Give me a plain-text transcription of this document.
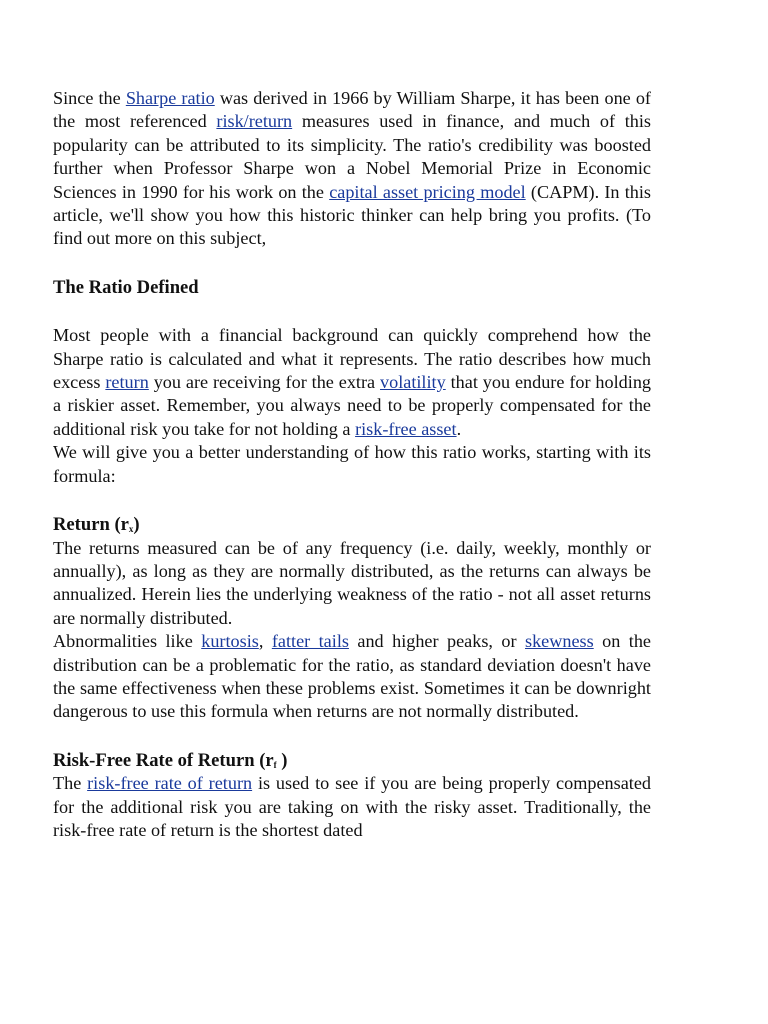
Since the Sharpe ratio was derived in 1966 by William Sharpe, it has been one of the most referenced risk/return measures used in finance, and much of this popularity can be attributed to its simplicity. The ratio's credibility was boosted further when Professor Sharpe won a Nobel Memorial Prize in Economic Sciences in 1990 for his work on the capital asset pricing model (CAPM). In this article, we'll show you how this historic thinker can help bring you profits. (To find out more on this subject,

The Ratio Defined

Most people with a financial background can quickly comprehend how the Sharpe ratio is calculated and what it represents. The ratio describes how much excess return you are receiving for the extra volatility that you endure for holding a riskier asset. Remember, you always need to be properly compensated for the additional risk you take for not holding a risk-free asset.

We will give you a better understanding of how this ratio works, starting with its formula:

Return $(r_x)$

The returns measured can be of any frequency (i.e. daily, weekly, monthly or annually), as long as they are normally distributed, as the returns can always be annualized. Herein lies the underlying weakness of the ratio - not all asset returns are normally distributed.

Abnormalities like kurtosis, fatter tails and higher peaks, or skewness on the distribution can be a problematic for the ratio, as standard deviation doesn't have the same effectiveness when these problems exist. Sometimes it can be downright dangerous to use this formula when returns are not normally distributed.

Risk-Free Rate of Return ($r_f$ )

The risk-free rate of return is used to see if you are being properly compensated for the additional risk you are taking on with the risky asset. Traditionally, the risk-free rate of return is the shortest dated
